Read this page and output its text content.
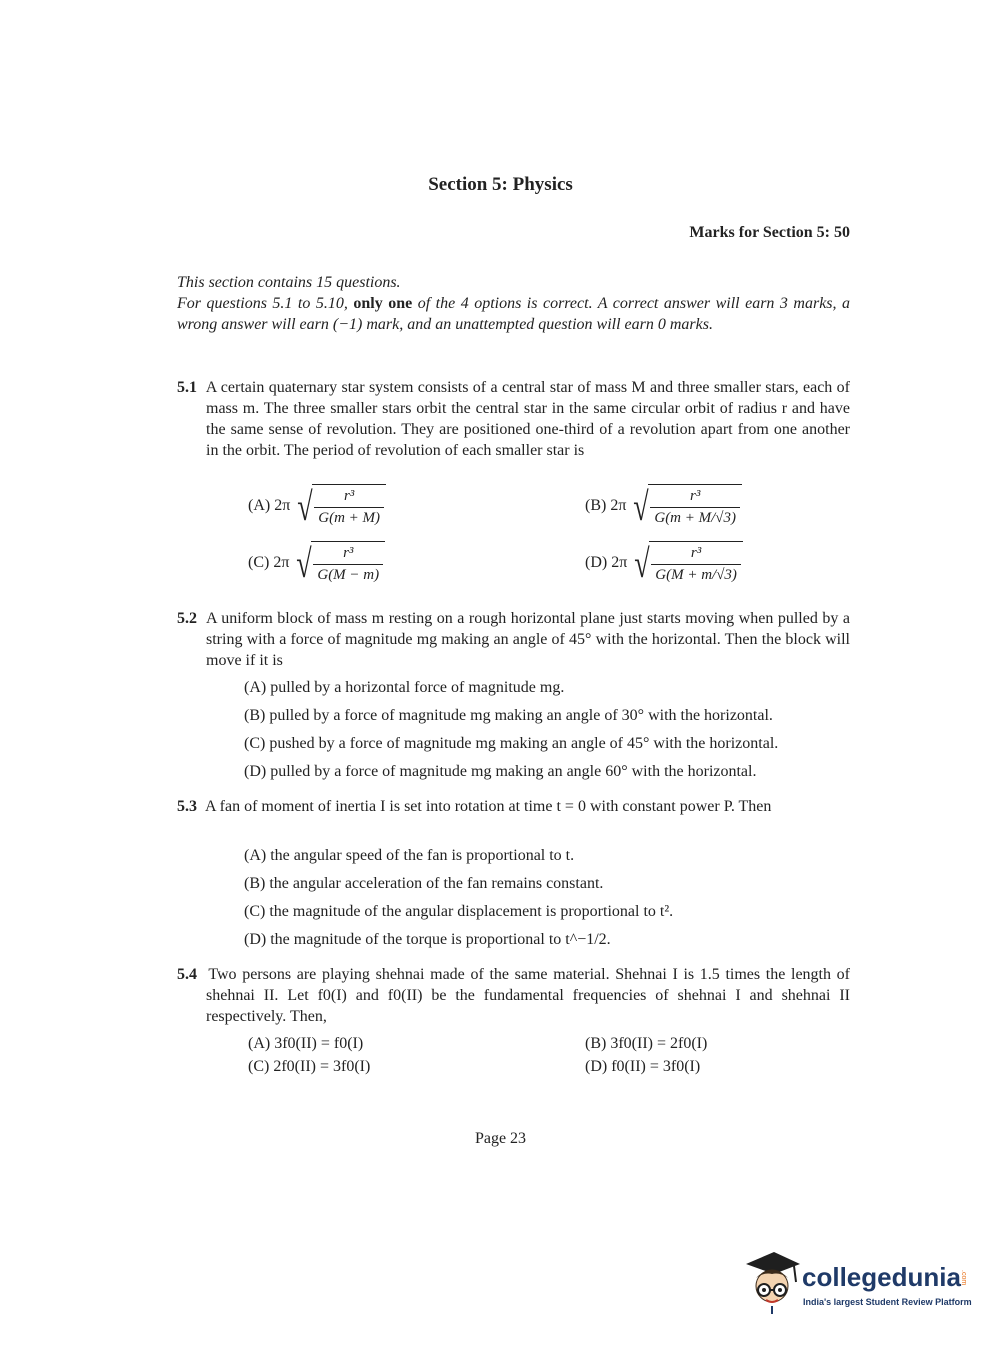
Section 5: Physics
Marks for Section 5: 50
This section contains 15 questions.
For questions 5.1 to 5.10, only one of the 4 options is correct. A correct answer will earn 3 marks, a wrong answer will earn (−1) mark, and an unattempted question will earn 0 marks.
5.1 A certain quaternary star system consists of a central star of mass M and three smaller stars, each of mass m. The three smaller stars orbit the central star in the same circular orbit of radius r and have the same sense of revolution. They are positioned one-third of a revolution apart from one another in the orbit. The period of revolution of each smaller star is
(A) 2π √ $\frac{\text{r³}}{G(m + M)}$	(B) 2π √ $\frac{\text{r³}}{G(m + M/√3)}$
(C) 2π √ $\frac{\text{r³}}{G(M - m)}$	(D) 2π √ $\frac{\text{r³}}{G(M + m/√3)}$
5.2 A uniform block of mass m resting on a rough horizontal plane just starts moving when pulled by a string with a force of magnitude mg making an angle of 45° with the horizontal. Then the block will move if it is
(A) pulled by a horizontal force of magnitude mg.
(B) pulled by a force of magnitude mg making an angle of 30° with the horizontal.
(C) pushed by a force of magnitude mg making an angle of 45° with the horizontal.
(D) pulled by a force of magnitude mg making an angle 60° with the horizontal.
5.3 A fan of moment of inertia I is set into rotation at time t = 0 with constant power P. Then
(A) the angular speed of the fan is proportional to t.
(B) the angular acceleration of the fan remains constant.
(C) the magnitude of the angular displacement is proportional to t².
(D) the magnitude of the torque is proportional to t^−1/2.
5.4 Two persons are playing shehnai made of the same material. Shehnai I is 1.5 times the length of shehnai II. Let f0(I) and f0(II) be the fundamental frequencies of shehnai I and shehnai II respectively. Then,
(A) 3f0(II) = f0(I)	(B) 3f0(II) = 2f0(I)
(C) 2f0(II) = 3f0(I)	(D) f0(II) = 3f0(I)
Page 23
collegedunia .com
India's largest Student Review Platform
